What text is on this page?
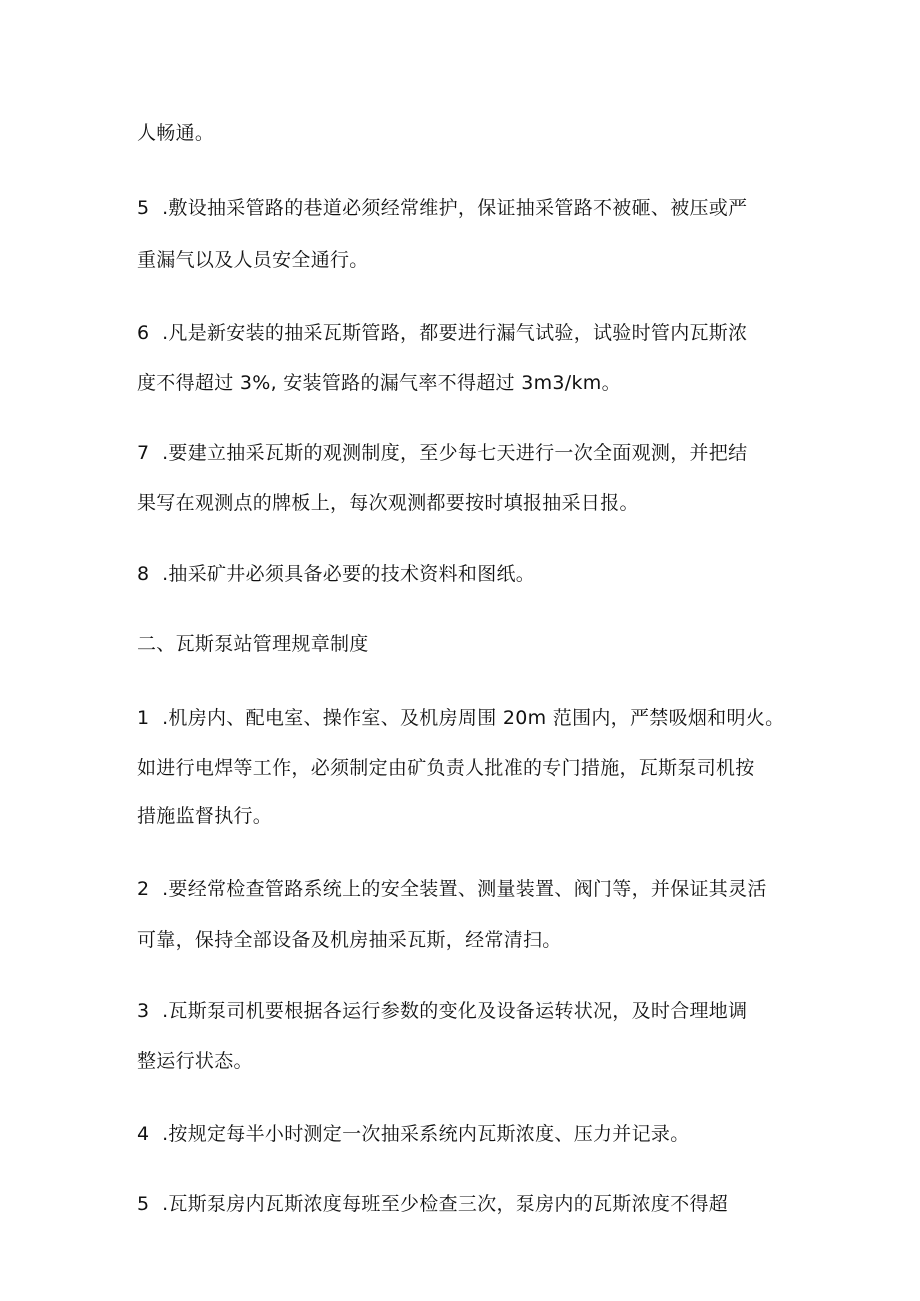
人畅通。
5  .敷设抽采管路的巷道必须经常维护，保证抽采管路不被砸、被压或严
重漏气以及人员安全通行。
6  .凡是新安装的抽采瓦斯管路，都要进行漏气试验，试验时管内瓦斯浓
度不得超过 3%, 安装管路的漏气率不得超过 3m3∕km。
7  .要建立抽采瓦斯的观测制度，至少每七天进行一次全面观测，并把结
果写在观测点的牌板上，每次观测都要按时填报抽采日报。
8  .抽采矿井必须具备必要的技术资料和图纸。
二、瓦斯泵站管理规章制度
1  .机房内、配电室、操作室、及机房周围 20m 范围内，严禁吸烟和明火。
如进行电焊等工作，必须制定由矿负责人批准的专门措施，瓦斯泵司机按
措施监督执行。
2  .要经常检查管路系统上的安全装置、测量装置、阀门等，并保证其灵活
可靠，保持全部设备及机房抽采瓦斯，经常清扫。
3  .瓦斯泵司机要根据各运行参数的变化及设备运转状况，及时合理地调
整运行状态。
4  .按规定每半小时测定一次抽采系统内瓦斯浓度、压力并记录。
5  .瓦斯泵房内瓦斯浓度每班至少检查三次，泵房内的瓦斯浓度不得超
